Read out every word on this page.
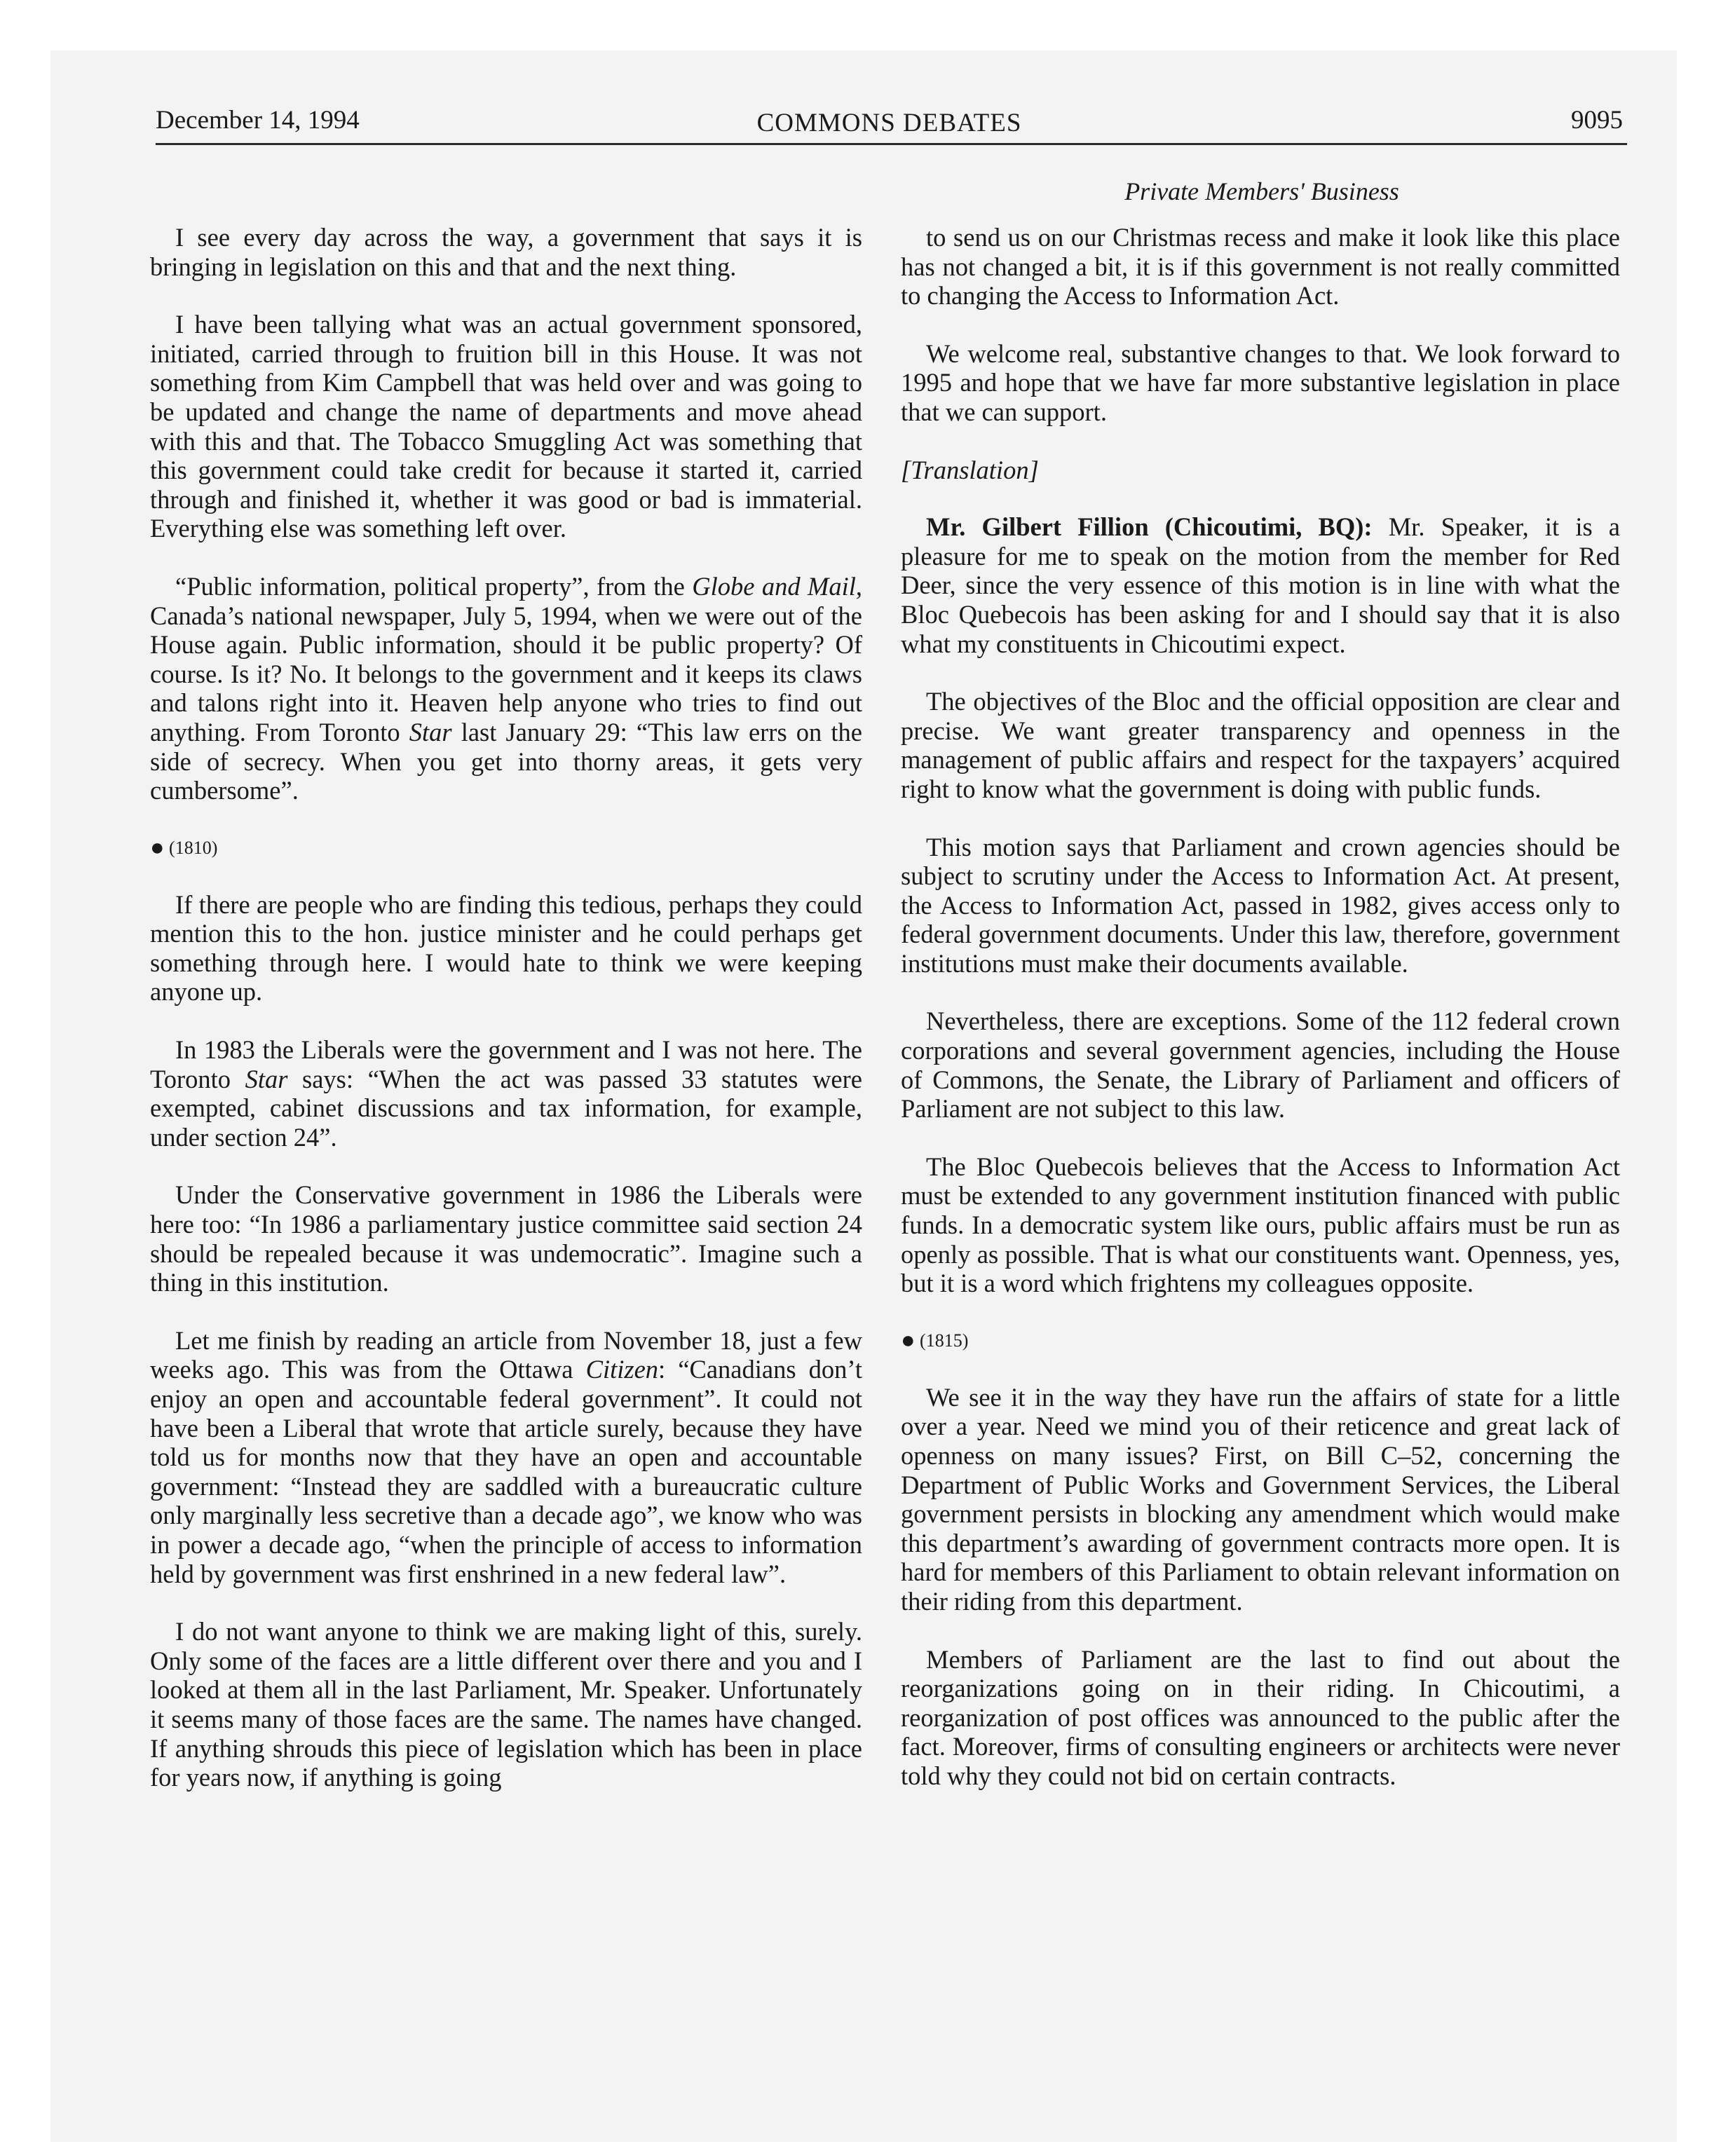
December 14, 1994	COMMONS DEBATES	9095
Private Members' Business

I see every day across the way, a government that says it is bringing in legislation on this and that and the next thing.

I have been tallying what was an actual government sponsored, initiated, carried through to fruition bill in this House. It was not something from Kim Campbell that was held over and was going to be updated and change the name of departments and move ahead with this and that. The Tobacco Smuggling Act was something that this government could take credit for because it started it, carried through and finished it, whether it was good or bad is immaterial. Everything else was something left over.

“Public information, political property”, from the Globe and Mail, Canada’s national newspaper, July 5, 1994, when we were out of the House again. Public information, should it be public property? Of course. Is it? No. It belongs to the government and it keeps its claws and talons right into it. Heaven help anyone who tries to find out anything. From Toronto Star last January 29: “This law errs on the side of secrecy. When you get into thorny areas, it gets very cumbersome”.

● (1810)

If there are people who are finding this tedious, perhaps they could mention this to the hon. justice minister and he could perhaps get something through here. I would hate to think we were keeping anyone up.

In 1983 the Liberals were the government and I was not here. The Toronto Star says: “When the act was passed 33 statutes were exempted, cabinet discussions and tax information, for example, under section 24”.

Under the Conservative government in 1986 the Liberals were here too: “In 1986 a parliamentary justice committee said section 24 should be repealed because it was undemocratic”. Imagine such a thing in this institution.

Let me finish by reading an article from November 18, just a few weeks ago. This was from the Ottawa Citizen: “Canadians don’t enjoy an open and accountable federal government”. It could not have been a Liberal that wrote that article surely, because they have told us for months now that they have an open and accountable government: “Instead they are saddled with a bureaucratic culture only marginally less secretive than a decade ago”, we know who was in power a decade ago, “when the principle of access to information held by government was first enshrined in a new federal law”.

I do not want anyone to think we are making light of this, surely. Only some of the faces are a little different over there and you and I looked at them all in the last Parliament, Mr. Speaker. Unfortunately it seems many of those faces are the same. The names have changed. If anything shrouds this piece of legislation which has been in place for years now, if anything is going

to send us on our Christmas recess and make it look like this place has not changed a bit, it is if this government is not really committed to changing the Access to Information Act.

We welcome real, substantive changes to that. We look forward to 1995 and hope that we have far more substantive legislation in place that we can support.

[Translation]

Mr. Gilbert Fillion (Chicoutimi, BQ): Mr. Speaker, it is a pleasure for me to speak on the motion from the member for Red Deer, since the very essence of this motion is in line with what the Bloc Quebecois has been asking for and I should say that it is also what my constituents in Chicoutimi expect.

The objectives of the Bloc and the official opposition are clear and precise. We want greater transparency and openness in the management of public affairs and respect for the taxpayers’ acquired right to know what the government is doing with public funds.

This motion says that Parliament and crown agencies should be subject to scrutiny under the Access to Information Act. At present, the Access to Information Act, passed in 1982, gives access only to federal government documents. Under this law, therefore, government institutions must make their documents available.

Nevertheless, there are exceptions. Some of the 112 federal crown corporations and several government agencies, including the House of Commons, the Senate, the Library of Parliament and officers of Parliament are not subject to this law.

The Bloc Quebecois believes that the Access to Information Act must be extended to any government institution financed with public funds. In a democratic system like ours, public affairs must be run as openly as possible. That is what our constituents want. Openness, yes, but it is a word which frightens my colleagues opposite.

● (1815)

We see it in the way they have run the affairs of state for a little over a year. Need we mind you of their reticence and great lack of openness on many issues? First, on Bill C–52, concerning the Department of Public Works and Government Services, the Liberal government persists in blocking any amendment which would make this department’s awarding of government contracts more open. It is hard for members of this Parliament to obtain relevant information on their riding from this department.

Members of Parliament are the last to find out about the reorganizations going on in their riding. In Chicoutimi, a reorganization of post offices was announced to the public after the fact. Moreover, firms of consulting engineers or architects were never told why they could not bid on certain contracts.
